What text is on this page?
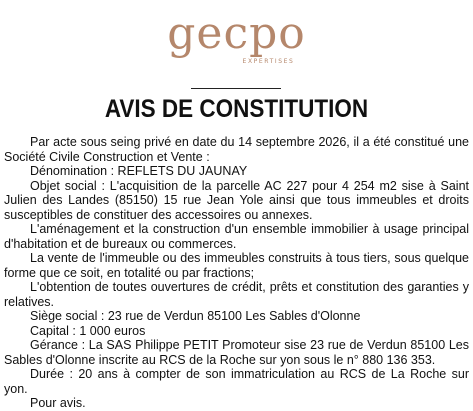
gecpo
EXPERTISES
AVIS DE CONSTITUTION

Par acte sous seing privé en date du 14 septembre 2026, il a été constitué une Société Civile Construction et Vente :

Dénomination : REFLETS DU JAUNAY

Objet social : L'acquisition de la parcelle AC 227 pour 4 254 m2 sise à Saint Julien des Landes (85150) 15 rue Jean Yole ainsi que tous immeubles et droits susceptibles de constituer des accessoires ou annexes.

L'aménagement et la construction d'un ensemble immobilier à usage principal d'habitation et de bureaux ou commerces.

La vente de l'immeuble ou des immeubles construits à tous tiers, sous quelque forme que ce soit, en totalité ou par fractions;

L'obtention de toutes ouvertures de crédit, prêts et constitution des garanties y relatives.

Siège social : 23 rue de Verdun 85100 Les Sables d'Olonne

Capital : 1 000 euros

Gérance : La SAS Philippe PETIT Promoteur sise 23 rue de Verdun 85100 Les Sables d'Olonne inscrite au RCS de la Roche sur yon sous le n° 880 136 353.

Durée : 20 ans à compter de son immatriculation au RCS de La Roche sur yon.

Pour avis.
